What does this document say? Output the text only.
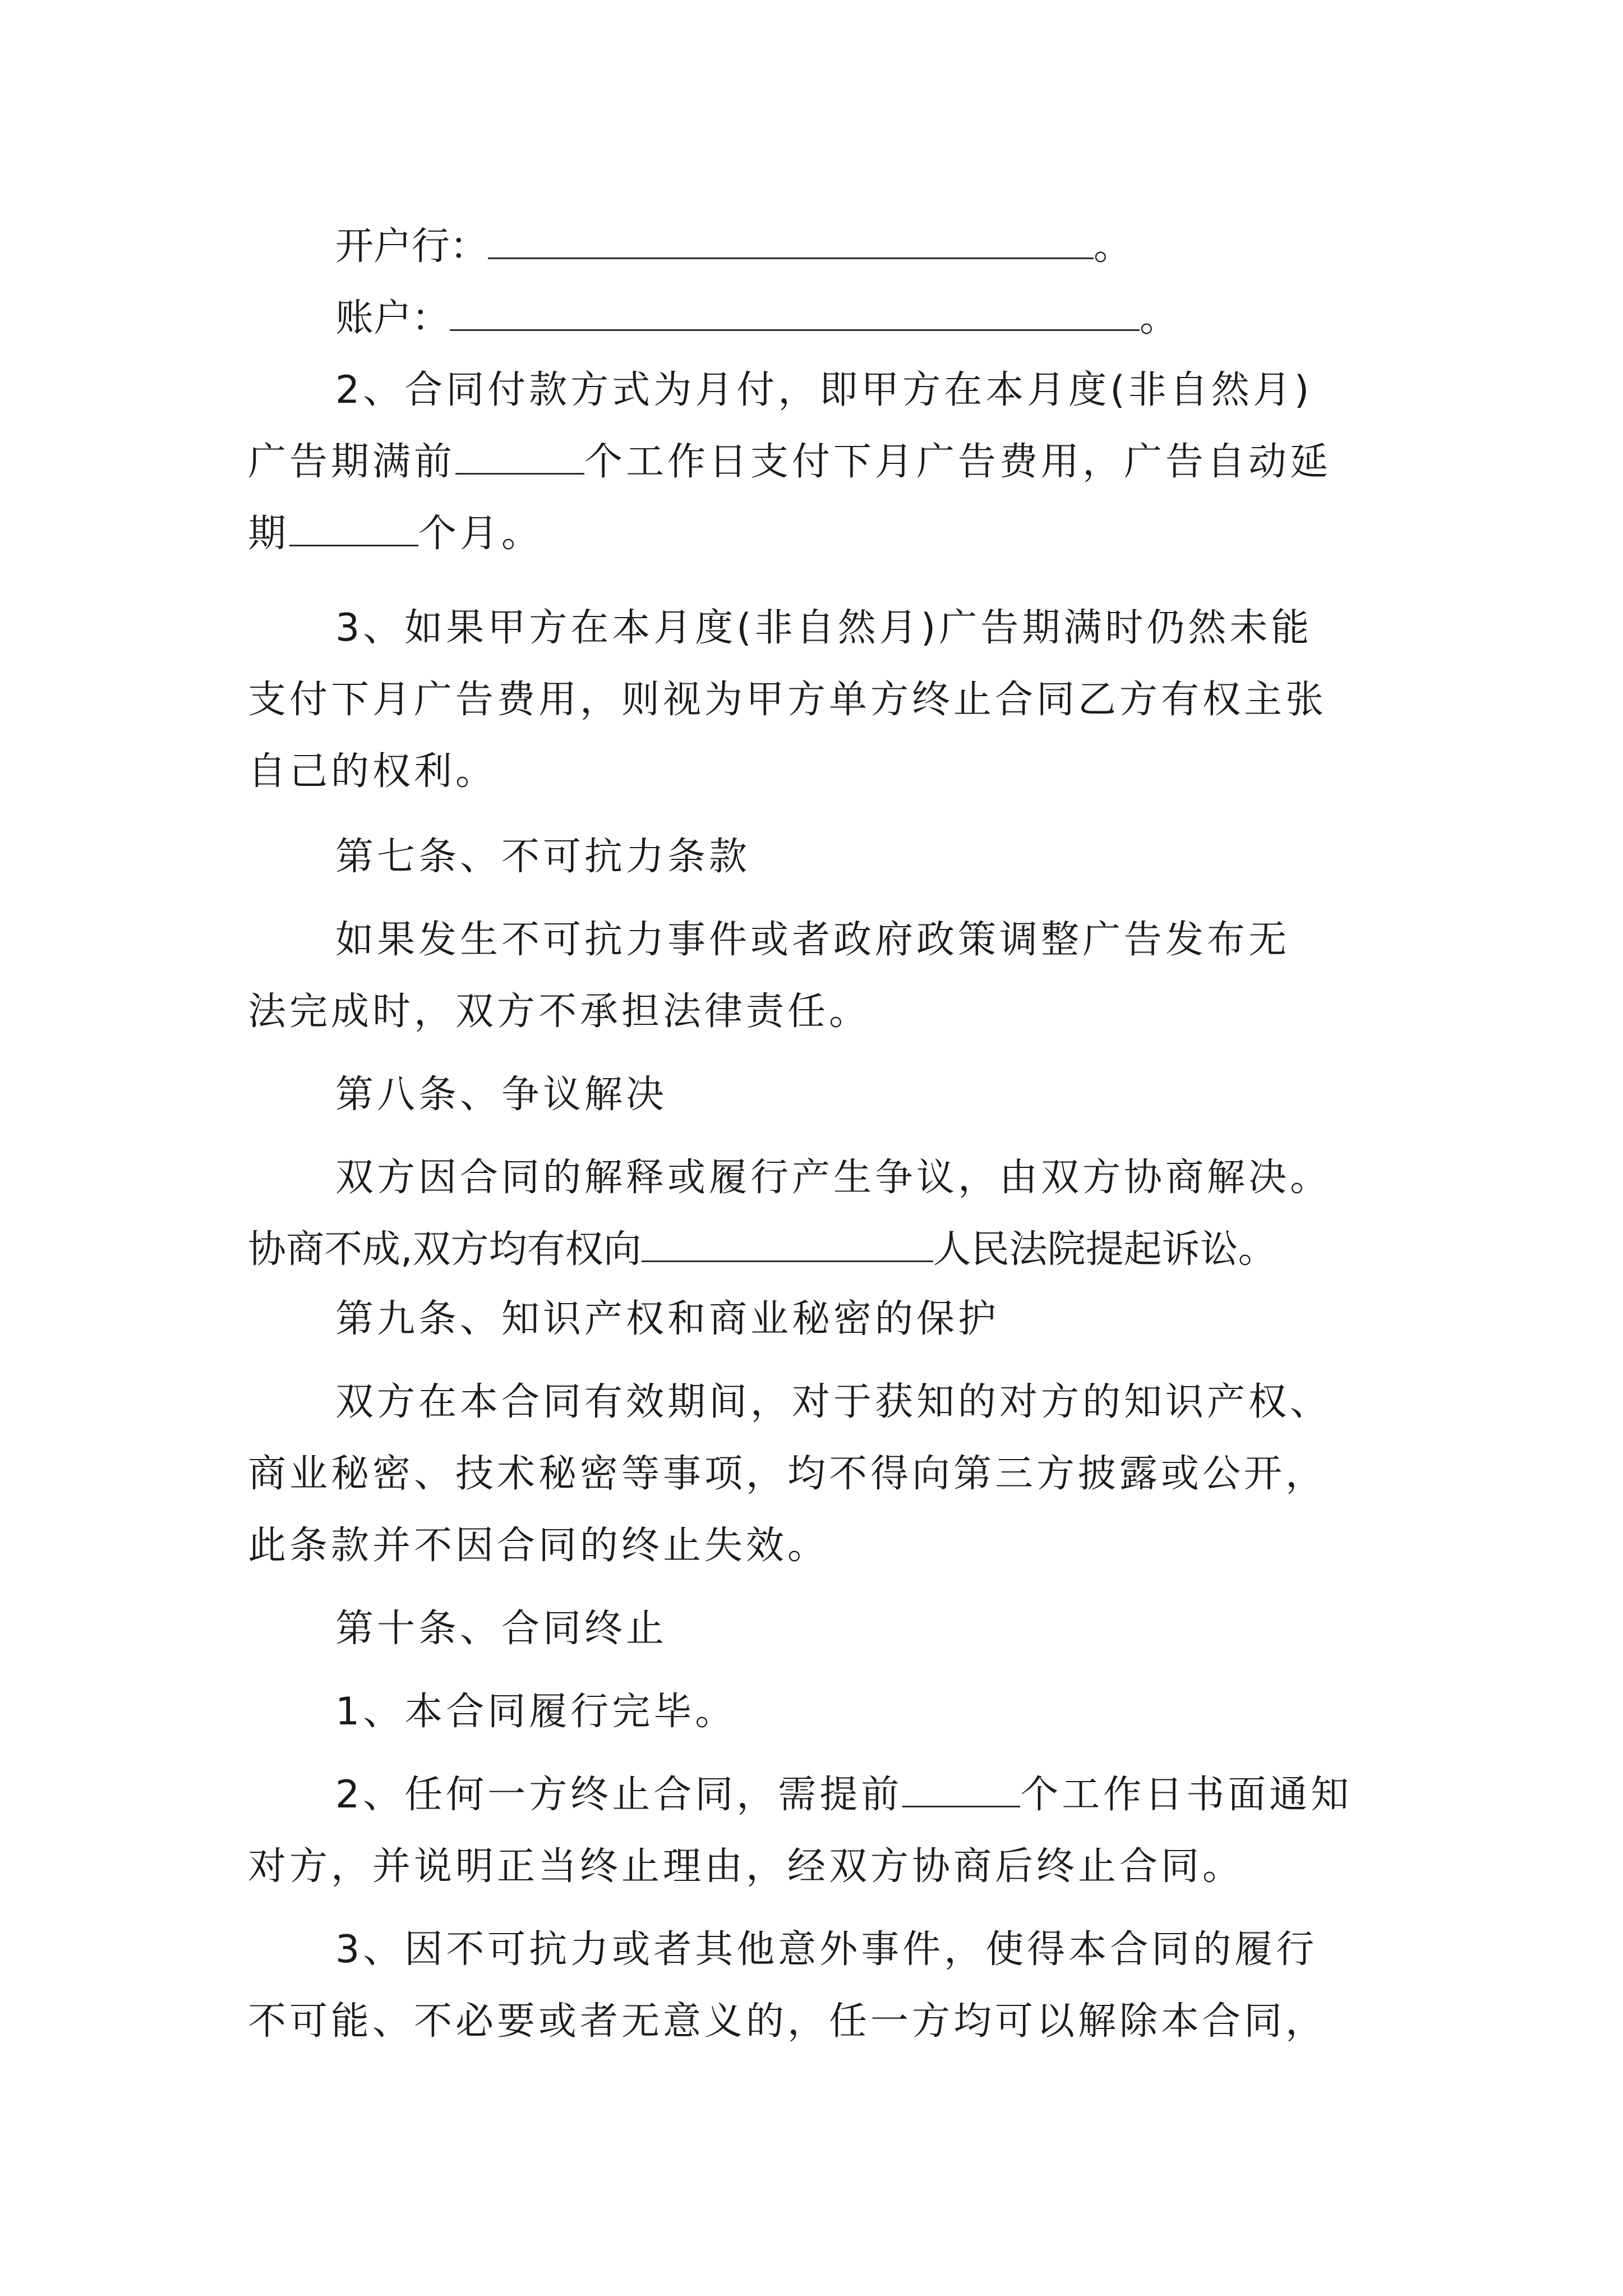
开户行：	。
账户：	。
2、合同付款方式为月付，即甲方在本月度(非自然月)
广告期满前	个工作日支付下月广告费用，广告自动延
期	个月。
3、如果甲方在本月度(非自然月)广告期满时仍然未能
支付下月广告费用，则视为甲方单方终止合同乙方有权主张
自己的权利。
第七条、不可抗力条款
如果发生不可抗力事件或者政府政策调整广告发布无
法完成时，双方不承担法律责任。
第八条、争议解决
双方因合同的解释或履行产生争议，由双方协商解决。
协商不成,双方均有权向	人民法院提起诉讼。
第九条、知识产权和商业秘密的保护
双方在本合同有效期间，对于获知的对方的知识产权、
商业秘密、技术秘密等事项，均不得向第三方披露或公开，
此条款并不因合同的终止失效。
第十条、合同终止
1、本合同履行完毕。
2、任何一方终止合同，需提前	个工作日书面通知
对方，并说明正当终止理由，经双方协商后终止合同。
3、因不可抗力或者其他意外事件，使得本合同的履行
不可能、不必要或者无意义的，任一方均可以解除本合同，
